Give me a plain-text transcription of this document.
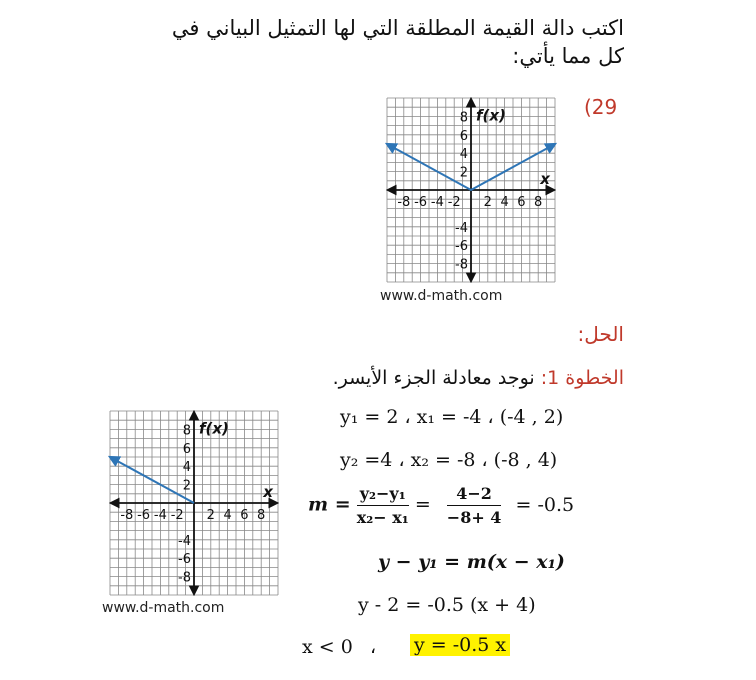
اكتب دالة القيمة المطلقة التي لها التمثيل البياني في
كل مما يأتي:
(29
-8 -6 -4 -2 2 4 6 8
8
6
4
2
-4
-6
-8
f(x)
x
www.d-math.com
الحل:
الخطوة 1: نوجد معادلة الجزء الأيسر.
-8 -6 -4 -2 2 4 6 8
8
6
4
2
-4
-6
-8
f(x)
x
www.d-math.com
y₁ = 2 ، x₁ = -4 ، (-4 , 2)
y₂ =4 ، x₂ = -8 ، (-8 , 4)
$m = \frac{\text{y₂−y₁}}{\text{x₂− x₁}} = \frac{4-2}{-8+ 4} = -0.5$
y − y₁ = m(x − x₁)
y - 2 = -0.5 (x + 4)
x < 0 ، y = -0.5 x
